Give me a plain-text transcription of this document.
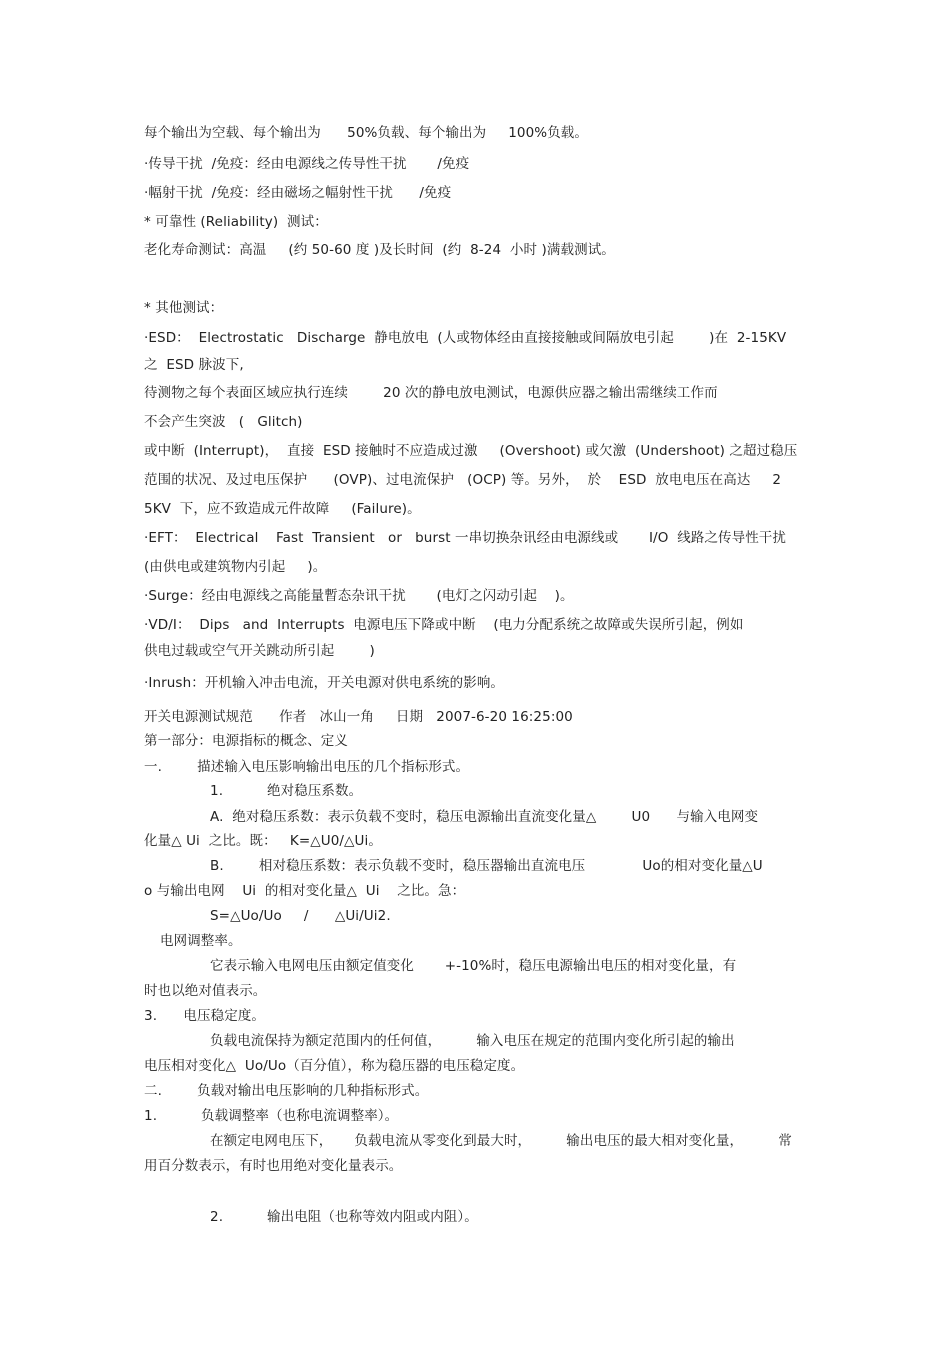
每个输出为空载、每个输出为      50%负载、每个输出为     100%负载。
·传导干扰  /免疫：经由电源线之传导性干扰       /免疫
·幅射干扰  /免疫：经由磁场之幅射性干扰      /免疫
* 可靠性 (Reliability)  测试：
老化寿命测试：高温     (约 50-60 度 )及长时间  (约  8-24  小时 )满载测试。
* 其他测试：
·ESD：  Electrostatic   Discharge  静电放电  (人或物体经由直接接触或间隔放电引起        )在  2-15KV
之  ESD 脉波下,
待测物之每个表面区域应执行连续        20 次的静电放电测试，电源供应器之输出需继续工作而
不会产生突波   (   Glitch)
或中断  (Interrupt)，  直接  ESD 接触时不应造成过激     (Overshoot) 或欠激  (Undershoot) 之超过稳压
范围的状况、及过电压保护      (OVP)、过电流保护   (OCP) 等。另外，  於    ESD  放电电压在高达     2
5KV  下，应不致造成元件故障     (Failure)。
·EFT：  Electrical    Fast  Transient   or   burst 一串切换杂讯经由电源线或       I/O  线路之传导性干扰
(由供电或建筑物内引起     )。
·Surge：经由电源线之高能量暫态杂讯干扰       (电灯之闪动引起    )。
·VD/I：  Dips   and  Interrupts  电源电压下降或中断    (电力分配系统之故障或失误所引起，例如
供电过载或空气开关跳动所引起        )
·Inrush：开机输入冲击电流，开关电源对供电系统的影响。
开关电源测试规范      作者   冰山一角     日期   2007-6-20 16:25:00
第一部分：电源指标的概念、定义
一.        描述输入电压影响输出电压的几个指标形式。
1.          绝对稳压系数。
A.  绝对稳压系数：表示负载不变时，稳压电源输出直流变化量△        U0      与输入电网变
化量△ Ui  之比。既：   K=△U0/△Ui。
B.        相对稳压系数：表示负载不变时，稳压器输出直流电压             Uo的相对变化量△U
o 与输出电网    Ui  的相对变化量△  Ui    之比。急：
S=△Uo/Uo     /      △Ui/Ui2.
电网调整率。
它表示输入电网电压由额定值变化       +-10%时，稳压电源输出电压的相对变化量，有
时也以绝对值表示。
3.      电压稳定度。
负载电流保持为额定范围内的任何值，        输入电压在规定的范围内变化所引起的输出
电压相对变化△  Uo/Uo（百分值），称为稳压器的电压稳定度。
二.        负载对输出电压影响的几种指标形式。
1.          负载调整率（也称电流调整率）。
在额定电网电压下，     负载电流从零变化到最大时，        输出电压的最大相对变化量，        常
用百分数表示，有时也用绝对变化量表示。
2.          输出电阻（也称等效内阻或内阻）。
